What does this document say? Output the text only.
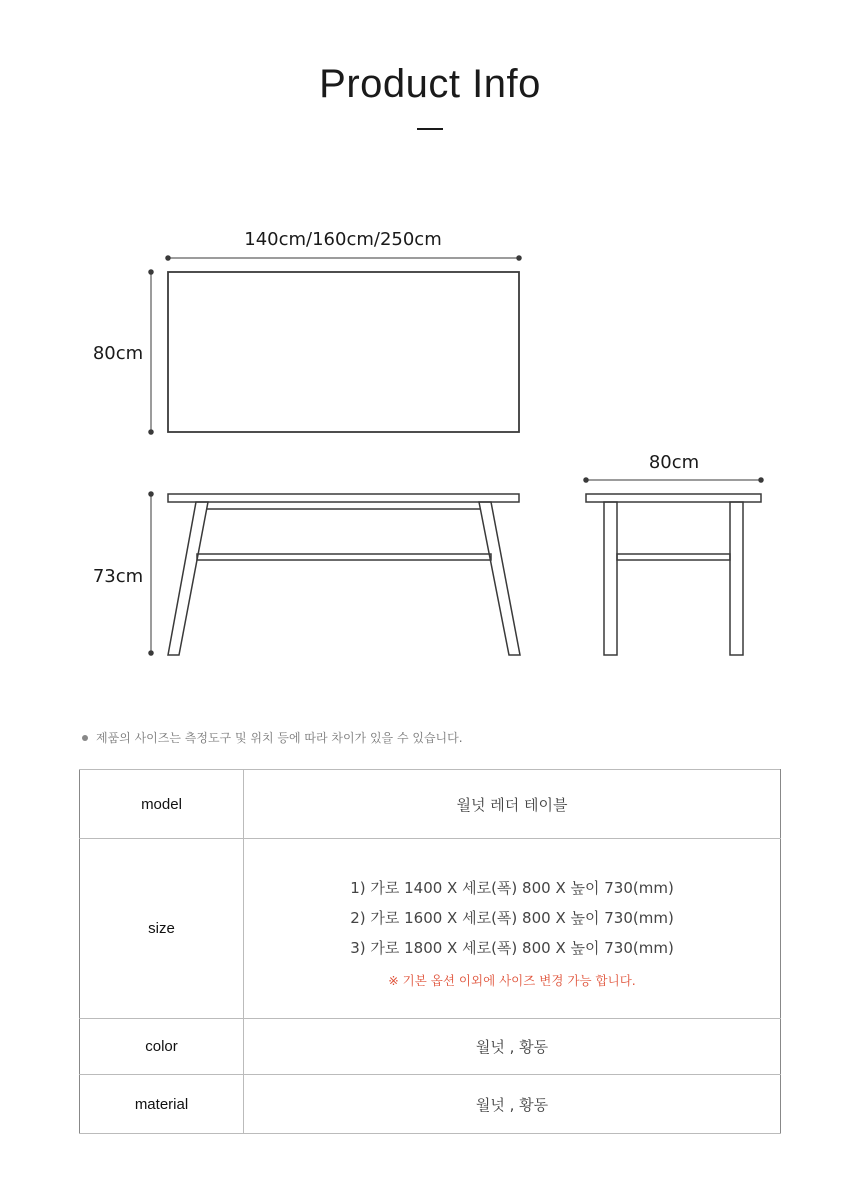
Product Info
140cm/160cm/250cm
80cm
73cm
80cm
제품의 사이즈는 측정도구 및 위치 등에 따라 차이가 있을 수 있습니다.
model	월넛 레더 테이블
size	1) 가로 1400 X 세로(폭) 800 X 높이 730(mm)
2) 가로 1600 X 세로(폭) 800 X 높이 730(mm)
3) 가로 1800 X 세로(폭) 800 X 높이 730(mm)
※ 기본 옵션 이외에 사이즈 변경 가능 합니다.

color	월넛 , 황동
material	월넛 , 황동
